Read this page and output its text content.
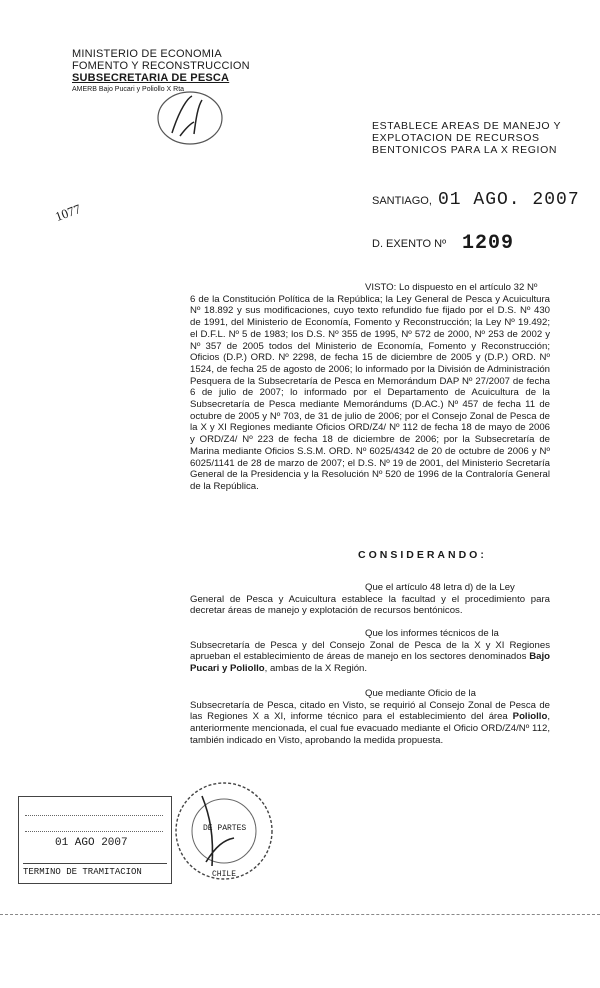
MINISTERIO DE ECONOMIA
FOMENTO Y RECONSTRUCCION
SUBSECRETARIA DE PESCA
AMERB Bajo Pucari y Poliollo X Rta
ESTABLECE AREAS DE MANEJO Y
EXPLOTACION DE RECURSOS
BENTONICOS PARA LA X REGION
1077
SANTIAGO, 01 AGO. 2007
D. EXENTO Nº 1209
VISTO: Lo dispuesto en el artículo 32 Nº
6 de la Constitución Política de la República; la Ley General de Pesca y Acuicultura Nº 18.892 y sus modificaciones, cuyo texto refundido fue fijado por el D.S. Nº 430 de 1991, del Ministerio de Economía, Fomento y Reconstrucción; la Ley Nº 19.492; el D.F.L. Nº 5 de 1983; los D.S. Nº 355 de 1995, Nº 572 de 2000, Nº 253 de 2002 y Nº 357 de 2005 todos del Ministerio de Economía, Fomento y Reconstrucción; Oficios (D.P.) ORD. Nº 2298, de fecha 15 de diciembre de 2005 y (D.P.) ORD. Nº 1524, de fecha 25 de agosto de 2006; lo informado por la División de Administración Pesquera de la Subsecretaría de Pesca en Memorándum DAP Nº 27/2007 de fecha 6 de julio de 2007; lo informado por el Departamento de Acuicultura de la Subsecretaría de Pesca mediante Memorándums (D.AC.) Nº 457 de fecha 11 de octubre de 2005 y Nº 703, de 31 de julio de 2006; por el Consejo Zonal de Pesca de la X y XI Regiones mediante Oficios ORD/Z4/ Nº 112 de fecha 18 de mayo de 2006 y ORD/Z4/ Nº 223 de fecha 18 de diciembre de 2006; por la Subsecretaría de Marina mediante Oficios S.S.M. ORD. Nº 6025/4342 de 20 de octubre de 2006 y Nº 6025/1141 de 28 de marzo de 2007; el D.S. Nº 19 de 2001, del Ministerio Secretaría General de la Presidencia y la Resolución Nº 520 de 1996 de la Contraloría General de la República.
CONSIDERANDO:
Que el artículo 48 letra d) de la Ley
General de Pesca y Acuicultura establece la facultad y el procedimiento para decretar áreas de manejo y explotación de recursos bentónicos.
Que los informes técnicos de la
Subsecretaría de Pesca y del Consejo Zonal de Pesca de la X y XI Regiones aprueban el establecimiento de áreas de manejo en los sectores denominados Bajo Pucari y Poliollo, ambas de la X Región.
Que mediante Oficio de la
Subsecretaría de Pesca, citado en Visto, se requirió al Consejo Zonal de Pesca de las Regiones X a XI, informe técnico para el establecimiento del área Poliollo, anteriormente mencionada, el cual fue evacuado mediante el Oficio ORD/Z4/Nº 112, también indicado en Visto, aprobando la medida propuesta.
01 AGO 2007
TERMINO DE TRAMITACION
DE PARTES
CHILE
